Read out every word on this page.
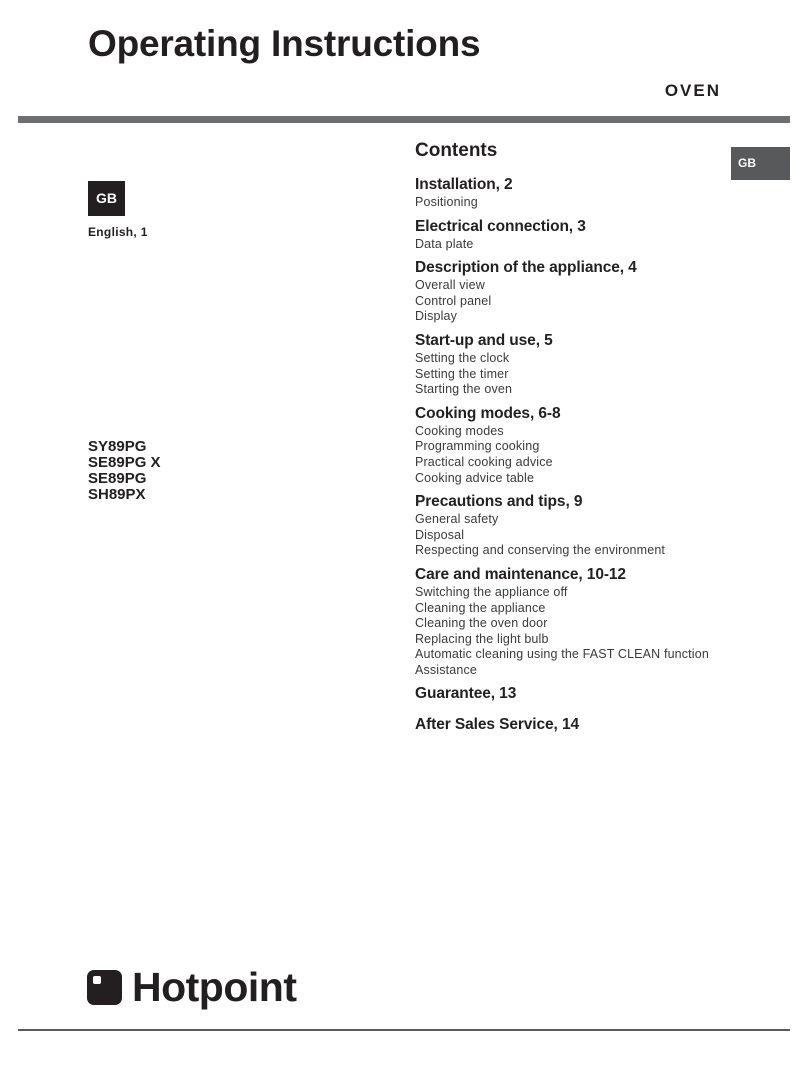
Operating Instructions
OVEN
GB
GB
English, 1
SY89PG
SE89PG X
SE89PG
SH89PX
Contents
Installation, 2
Positioning
Electrical connection, 3
Data plate
Description of the appliance, 4
Overall view
Control panel
Display
Start-up and use, 5
Setting the clock
Setting the timer
Starting the oven
Cooking modes, 6-8
Cooking modes
Programming cooking
Practical cooking advice
Cooking advice table
Precautions and tips, 9
General safety
Disposal
Respecting and conserving the environment
Care and maintenance, 10-12
Switching the appliance off
Cleaning the appliance
Cleaning the oven door
Replacing the light bulb
Automatic cleaning using the FAST CLEAN function
Assistance
Guarantee, 13
After Sales Service, 14
Hotpoint
